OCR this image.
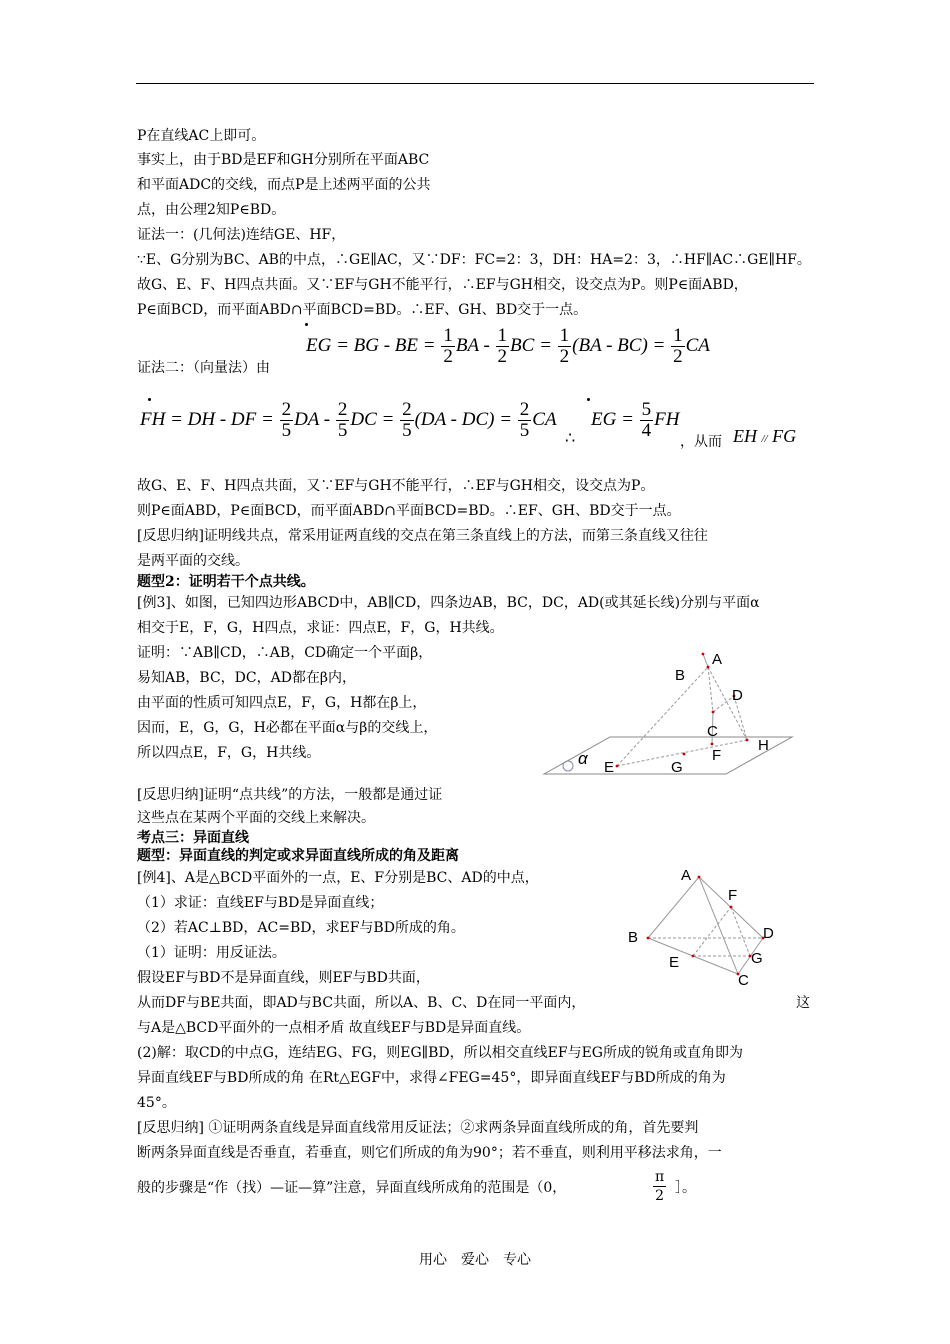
P在直线AC上即可。
事实上，由于BD是EF和GH分别所在平面ABC
和平面ADC的交线，而点P是上述两平面的公共
点，由公理2知P∈BD。
证法一：(几何法)连结GE、HF，
∵E、G分别为BC、AB的中点，∴GE∥AC，又∵DF：FC=2：3，DH：HA=2：3，∴HF∥AC∴GE∥HF。
故G、E、F、H四点共面。又∵EF与GH不能平行，∴EF与GH相交，设交点为P。则P∈面ABD，
P∈面BCD，而平面ABD∩平面BCD=BD。∴EF、GH、BD交于一点。
证法二：（向量法）由
故G、E、F、H四点共面，又∵EF与GH不能平行，∴EF与GH相交，设交点为P。
则P∈面ABD，P∈面BCD，而平面ABD∩平面BCD=BD。∴EF、GH、BD交于一点。
[反思归纳]证明线共点，常采用证两直线的交点在第三条直线上的方法，而第三条直线又往往
是两平面的交线。
题型2：证明若干个点共线。
[例3]、如图，已知四边形ABCD中，AB∥CD，四条边AB，BC，DC，AD(或其延长线)分别与平面α
相交于E，F，G，H四点，求证：四点E，F，G，H共线。
证明：∵AB∥CD，∴AB，CD确定一个平面β，
易知AB，BC，DC，AD都在β内，
由平面的性质可知四点E，F，G，H都在β上，
因而，E，G，G，H必都在平面α与β的交线上，
所以四点E，F，G，H共线。
[反思归纳]证明“点共线”的方法，一般都是通过证
这些点在某两个平面的交线上来解决。
考点三：异面直线
题型：异面直线的判定或求异面直线所成的角及距离
[例4]、A是△BCD平面外的一点，E、F分别是BC、AD的中点，
（1）求证：直线EF与BD是异面直线；
（2）若AC⊥BD，AC=BD，求EF与BD所成的角。
（1）证明：用反证法。
假设EF与BD不是异面直线，则EF与BD共面，
从而DF与BE共面，即AD与BC共面，所以A、B、C、D在同一平面内，
与A是△BCD平面外的一点相矛盾 故直线EF与BD是异面直线。
(2)解：取CD的中点G，连结EG、FG，则EG∥BD，所以相交直线EF与EG所成的锐角或直角即为
异面直线EF与BD所成的角 在Rt△EGF中，求得∠FEG=45°，即异面直线EF与BD所成的角为
45°。
[反思归纳] ①证明两条直线是异面直线常用反证法；②求两条异面直线所成的角，首先要判
断两条异面直线是否垂直，若垂直，则它们所成的角为90°；若不垂直，则利用平移法求角，一
般的步骤是“作（找）—证—算”注意，异面直线所成角的范围是（0，
这
$\frac{\pi}{2}$ ］。
EG = BG - BE = $\frac{1}{2}$ BA - $\frac{1}{2}$ BC = $\frac{1}{2} (BA - BC) = \frac{1}{2}$ CA
FH = DH - DF = $\frac{2}{5}$ DA - $\frac{2}{5}$ DC = $\frac{2}{5} (DA - DC) = \frac{2}{5}$ CA
∴
EG = $\frac{5}{4}$ FH
，从而 EH // FG
A
B
D
C
H
F
E	G
α
A
F
B	D
E	G
C
用心　爱心　专心
